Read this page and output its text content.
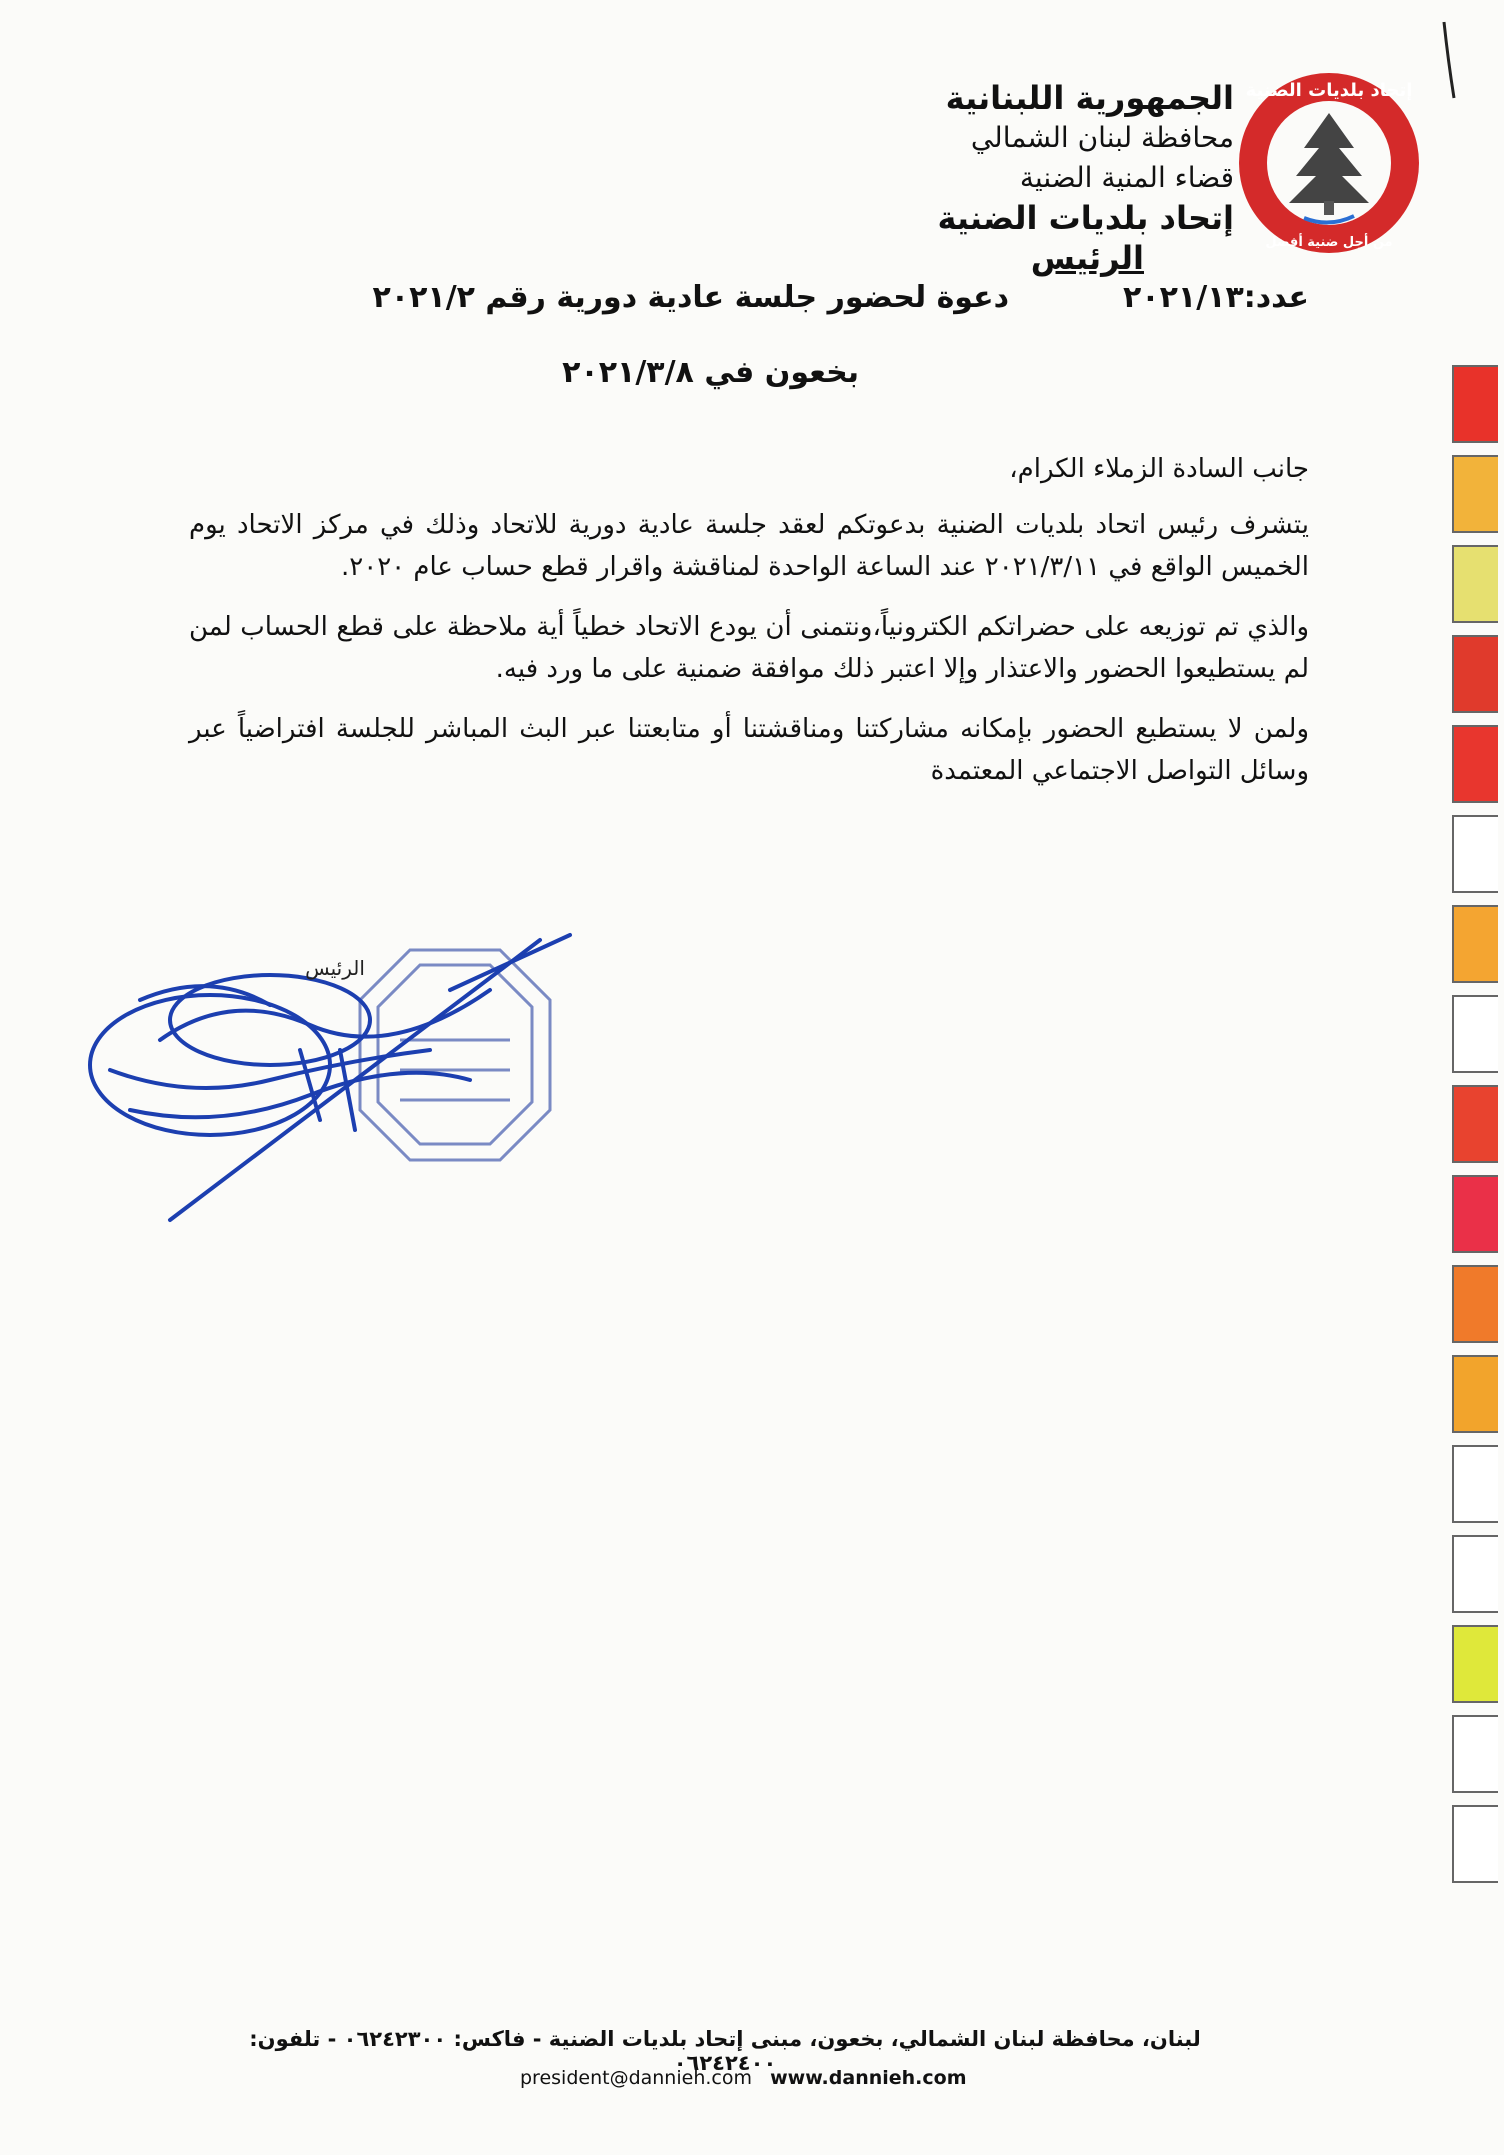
إتحاد بلديات الضنية
من أجل ضنية أفضل
الجمهورية اللبنانية
محافظة لبنان الشمالي
قضاء المنية الضنية
إتحاد بلديات الضنية
الرئيس
عدد:٢٠٢١/١٣
دعوة لحضور جلسة عادية دورية رقم ٢٠٢١/٢
بخعون في ٢٠٢١/٣/٨

جانب السادة الزملاء الكرام،

يتشرف رئيس اتحاد بلديات الضنية بدعوتكم لعقد جلسة عادية دورية للاتحاد وذلك في مركز الاتحاد يوم الخميس الواقع في ٢٠٢١/٣/١١ عند الساعة الواحدة لمناقشة واقرار قطع حساب عام ٢٠٢٠.

والذي تم توزيعه على حضراتكم الكترونياً،ونتمنى أن يودع الاتحاد خطياً أية ملاحظة على قطع الحساب لمن لم يستطيعوا الحضور والاعتذار وإلا اعتبر ذلك موافقة ضمنية على ما ورد فيه.

ولمن لا يستطيع الحضور بإمكانه مشاركتنا ومناقشتنا أو متابعتنا عبر البث المباشر للجلسة افتراضياً عبر وسائل التواصل الاجتماعي المعتمدة

الرئيس
لبنان، محافظة لبنان الشمالي، بخعون، مبنى إتحاد بلديات الضنية - فاكس: ٠٦٢٤٢٣٠٠ - تلفون: ٠٦٢٤٢٤٠٠
president@dannieh.com www.dannieh.com
